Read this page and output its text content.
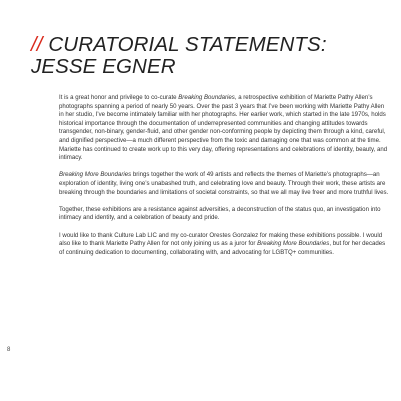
// CURATORIAL STATEMENTS:
JESSE EGNER

It is a great honor and privilege to co-curate Breaking Boundaries, a retrospective exhibition of Mariette Pathy Allen’s photographs spanning a period of nearly 50 years. Over the past 3 years that I’ve been working with Mariette Pathy Allen in her studio, I’ve become intimately familiar with her photographs. Her earlier work, which started in the late 1970s, holds historical importance through the documentation of underrepresented communities and changing attitudes towards transgender, non-binary, gender-fluid, and other gender non-conforming people by depicting them through a kind, careful, and dignified perspective—a much different perspective from the toxic and damaging one that was common at the time. Mariette has continued to create work up to this very day, offering representations and celebrations of identity, beauty, and intimacy.

Breaking More Boundaries brings together the work of 49 artists and reflects the themes of Mariette’s photographs—an exploration of identity, living one’s unabashed truth, and celebrating love and beauty. Through their work, these artists are breaking through the boundaries and limitations of societal constraints, so that we all may live freer and more truthful lives.

Together, these exhibitions are a resistance against adversities, a deconstruction of the status quo, an investigation into intimacy and identity, and a celebration of beauty and pride.

I would like to thank Culture Lab LIC and my co-curator Orestes Gonzalez for making these exhibitions possible. I would also like to thank Mariette Pathy Allen for not only joining us as a juror for Breaking More Boundaries, but for her decades of continuing dedication to documenting, collaborating with, and advocating for LGBTQ+ communities.

8
